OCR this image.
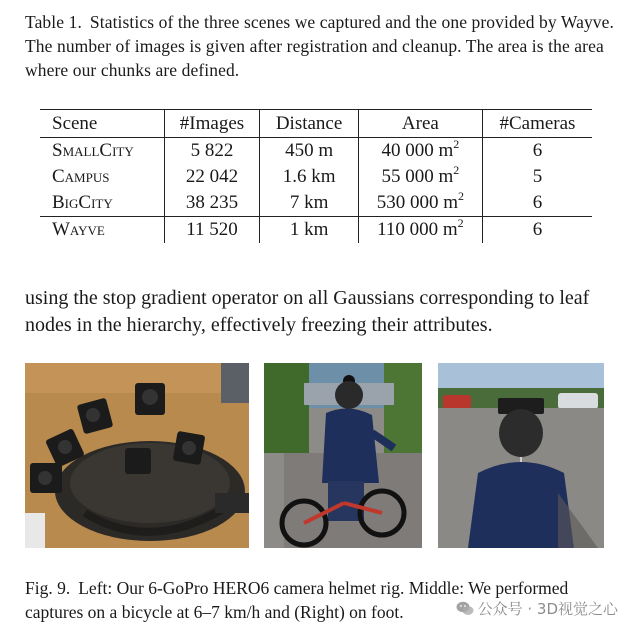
Table 1. Statistics of the three scenes we captured and the one provided by Wayve. The number of images is given after registration and cleanup. The area is the area where our chunks are defined.
Scene	#Images	Distance	Area	#Cameras
SmallCity	5 822	450 m	40 000 $m^2$	6
Campus	22 042	1.6 km	55 000 $m^2$	5
BigCity	38 235	7 km	530 000 $m^2$	6
Wayve	11 520	1 km	110 000 $m^2$	6

using the stop gradient operator on all Gaussians corresponding to leaf nodes in the hierarchy, effectively freezing their attributes.

Fig. 9. Left: Our 6-GoPro HERO6 camera helmet rig. Middle: We performed captures on a bicycle at 6–7 km/h and (Right) on foot.	公众号 · 3D视觉之心
